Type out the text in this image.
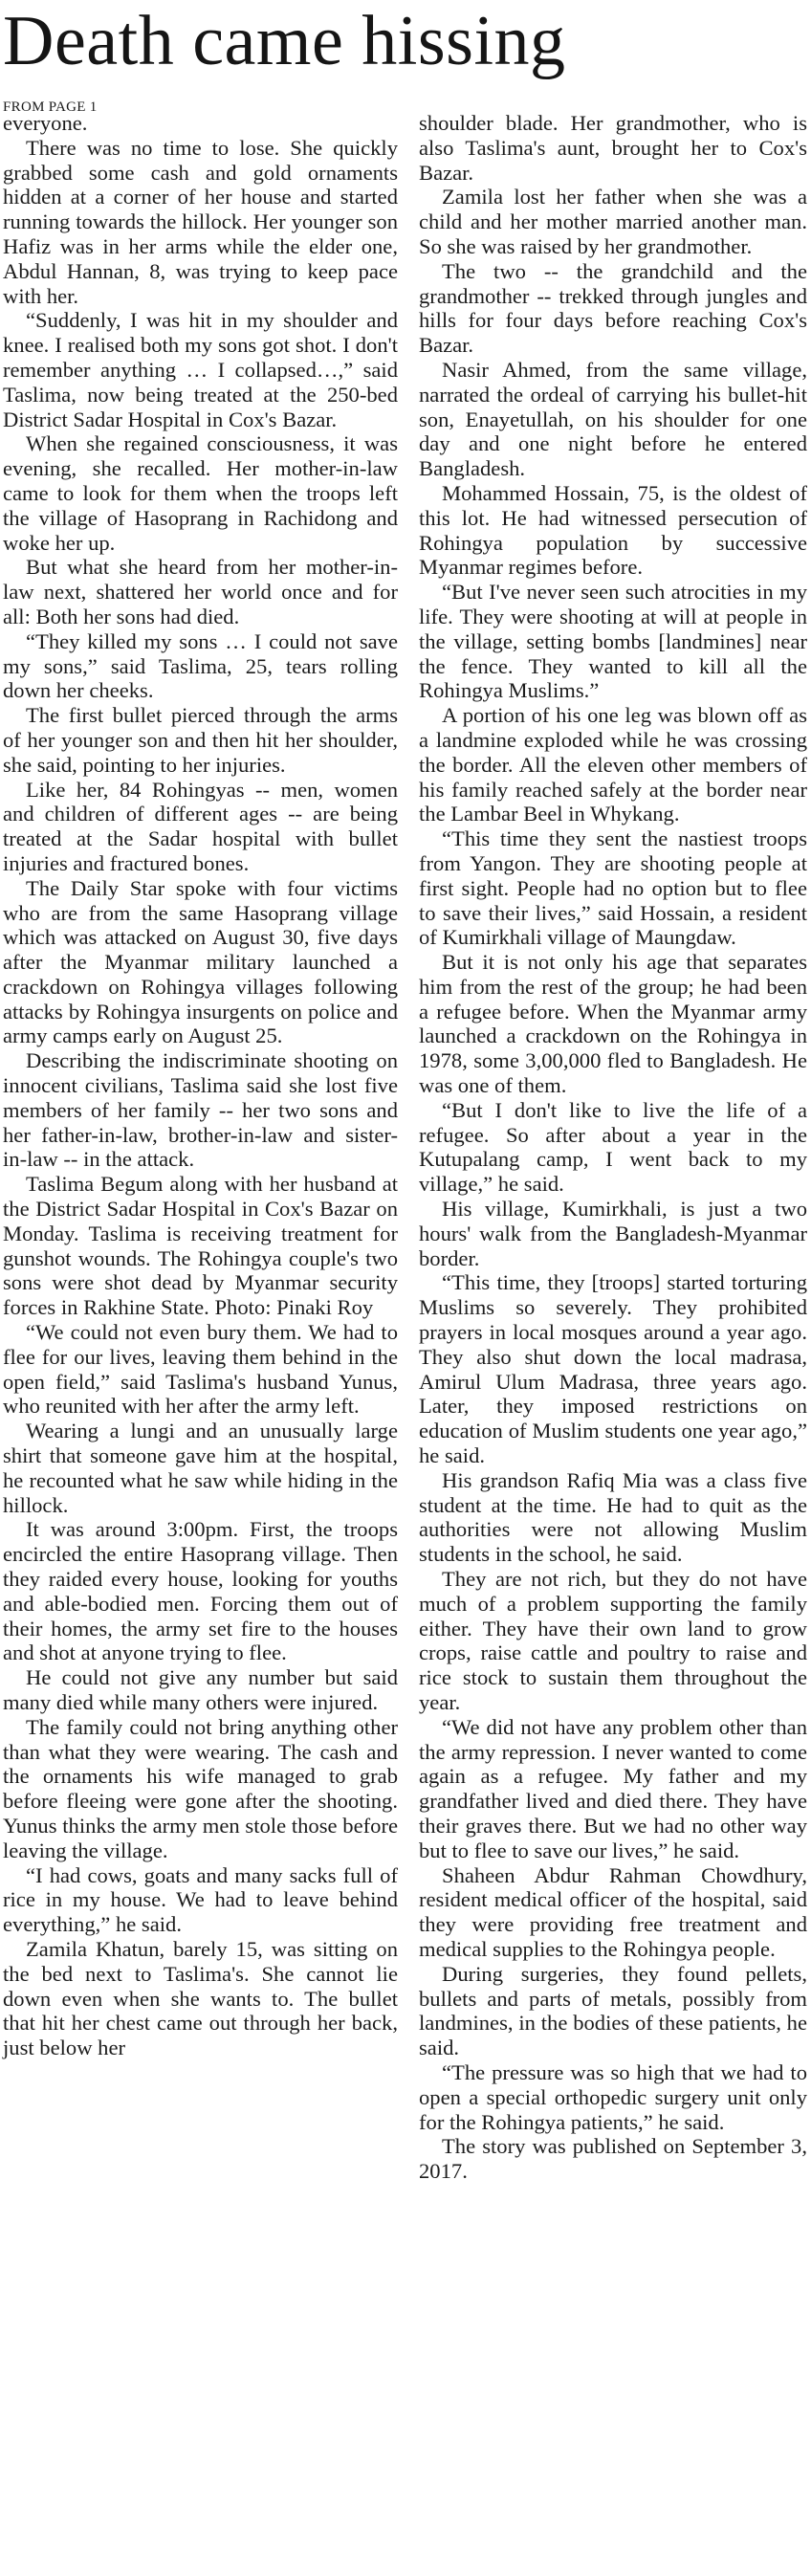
Death came hissing
FROM PAGE 1

everyone.

There was no time to lose. She quickly grabbed some cash and gold ornaments hidden at a corner of her house and started running towards the hillock. Her younger son Hafiz was in her arms while the elder one, Abdul Hannan, 8, was trying to keep pace with her.

“Suddenly, I was hit in my shoulder and knee. I realised both my sons got shot. I don't remember anything … I collapsed…,” said Taslima, now being treated at the 250-bed District Sadar Hospital in Cox's Bazar.

When she regained consciousness, it was evening, she recalled. Her mother-in-law came to look for them when the troops left the village of Hasoprang in Rachidong and woke her up.

But what she heard from her mother-in-law next, shattered her world once and for all: Both her sons had died.

“They killed my sons … I could not save my sons,” said Taslima, 25, tears rolling down her cheeks.

The first bullet pierced through the arms of her younger son and then hit her shoulder, she said, pointing to her injuries.

Like her, 84 Rohingyas -- men, women and children of different ages -- are being treated at the Sadar hospital with bullet injuries and fractured bones.

The Daily Star spoke with four victims who are from the same Hasoprang village which was attacked on August 30, five days after the Myanmar military launched a crackdown on Rohingya villages following attacks by Rohingya insurgents on police and army camps early on August 25.

Describing the indiscriminate shooting on innocent civilians, Taslima said she lost five members of her family -- her two sons and her father-in-law, brother-in-law and sister-in-law -- in the attack.

Taslima Begum along with her husband at the District Sadar Hospital in Cox's Bazar on Monday. Taslima is receiving treatment for gunshot wounds. The Rohingya couple's two sons were shot dead by Myanmar security forces in Rakhine State. Photo: Pinaki Roy

“We could not even bury them. We had to flee for our lives, leaving them behind in the open field,” said Taslima's husband Yunus, who reunited with her after the army left.

Wearing a lungi and an unusually large shirt that someone gave him at the hospital, he recounted what he saw while hiding in the hillock.

It was around 3:00pm. First, the troops encircled the entire Hasoprang village. Then they raided every house, looking for youths and able-bodied men. Forcing them out of their homes, the army set fire to the houses and shot at anyone trying to flee.

He could not give any number but said many died while many others were injured.

The family could not bring anything other than what they were wearing. The cash and the ornaments his wife managed to grab before fleeing were gone after the shooting. Yunus thinks the army men stole those before leaving the village.

“I had cows, goats and many sacks full of rice in my house. We had to leave behind everything,” he said.

Zamila Khatun, barely 15, was sitting on the bed next to Taslima's. She cannot lie down even when she wants to. The bullet that hit her chest came out through her back, just below her

shoulder blade. Her grandmother, who is also Taslima's aunt, brought her to Cox's Bazar.

Zamila lost her father when she was a child and her mother married another man. So she was raised by her grandmother.

The two -- the grandchild and the grandmother -- trekked through jungles and hills for four days before reaching Cox's Bazar.

Nasir Ahmed, from the same village, narrated the ordeal of carrying his bullet-hit son, Enayetullah, on his shoulder for one day and one night before he entered Bangladesh.

Mohammed Hossain, 75, is the oldest of this lot. He had witnessed persecution of Rohingya population by successive Myanmar regimes before.

“But I've never seen such atrocities in my life. They were shooting at will at people in the village, setting bombs [landmines] near the fence. They wanted to kill all the Rohingya Muslims.”

A portion of his one leg was blown off as a landmine exploded while he was crossing the border. All the eleven other members of his family reached safely at the border near the Lambar Beel in Whykang.

“This time they sent the nastiest troops from Yangon. They are shooting people at first sight. People had no option but to flee to save their lives,” said Hossain, a resident of Kumirkhali village of Maungdaw.

But it is not only his age that separates him from the rest of the group; he had been a refugee before. When the Myanmar army launched a crackdown on the Rohingya in 1978, some 3,00,000 fled to Bangladesh. He was one of them.

“But I don't like to live the life of a refugee. So after about a year in the Kutupalang camp, I went back to my village,” he said.

His village, Kumirkhali, is just a two hours' walk from the Bangladesh-Myanmar border.

“This time, they [troops] started torturing Muslims so severely. They prohibited prayers in local mosques around a year ago. They also shut down the local madrasa, Amirul Ulum Madrasa, three years ago. Later, they imposed restrictions on education of Muslim students one year ago,” he said.

His grandson Rafiq Mia was a class five student at the time. He had to quit as the authorities were not allowing Muslim students in the school, he said.

They are not rich, but they do not have much of a problem supporting the family either. They have their own land to grow crops, raise cattle and poultry to raise and rice stock to sustain them throughout the year.

“We did not have any problem other than the army repression. I never wanted to come again as a refugee. My father and my grandfather lived and died there. They have their graves there. But we had no other way but to flee to save our lives,” he said.

Shaheen Abdur Rahman Chowdhury, resident medical officer of the hospital, said they were providing free treatment and medical supplies to the Rohingya people.

During surgeries, they found pellets, bullets and parts of metals, possibly from landmines, in the bodies of these patients, he said.

“The pressure was so high that we had to open a special orthopedic surgery unit only for the Rohingya patients,” he said.

The story was published on September 3, 2017.
